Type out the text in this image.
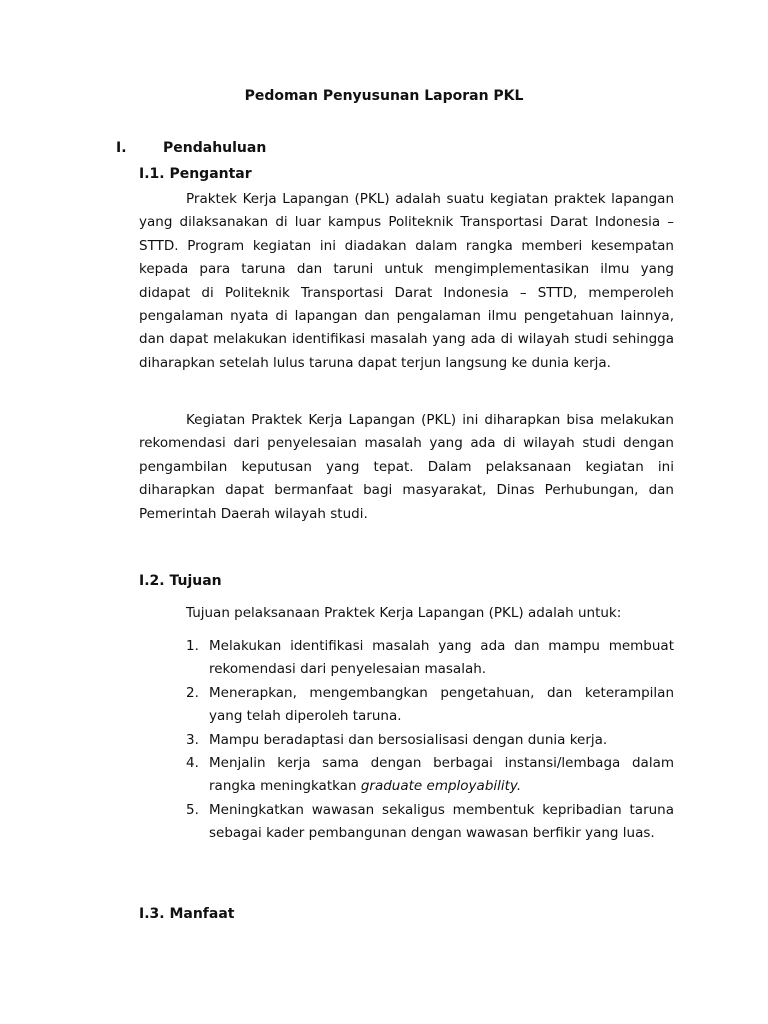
Pedoman Penyusunan Laporan PKL
I.	Pendahuluan
I.1. Pengantar

Praktek Kerja Lapangan (PKL) adalah suatu kegiatan praktek lapangan yang dilaksanakan di luar kampus Politeknik Transportasi Darat Indonesia – STTD. Program kegiatan ini diadakan dalam rangka memberi kesempatan kepada para taruna dan taruni untuk mengimplementasikan ilmu yang didapat di Politeknik Transportasi Darat Indonesia – STTD, memperoleh pengalaman nyata di lapangan dan pengalaman ilmu pengetahuan lainnya, dan dapat melakukan identifikasi masalah yang ada di wilayah studi sehingga diharapkan setelah lulus taruna dapat terjun langsung ke dunia kerja.

Kegiatan Praktek Kerja Lapangan (PKL) ini diharapkan bisa melakukan rekomendasi dari penyelesaian masalah yang ada di wilayah studi dengan pengambilan keputusan yang tepat. Dalam pelaksanaan kegiatan ini diharapkan dapat bermanfaat bagi masyarakat, Dinas Perhubungan, dan Pemerintah Daerah wilayah studi.

I.2. Tujuan
Tujuan pelaksanaan Praktek Kerja Lapangan (PKL) adalah untuk:
1. Melakukan identifikasi masalah yang ada dan mampu membuat rekomendasi dari penyelesaian masalah.
2. Menerapkan, mengembangkan pengetahuan, dan keterampilan yang telah diperoleh taruna.
3. Mampu beradaptasi dan bersosialisasi dengan dunia kerja.
4. Menjalin kerja sama dengan berbagai instansi/lembaga dalam rangka meningkatkan graduate employability.
5. Meningkatkan wawasan sekaligus membentuk kepribadian taruna sebagai kader pembangunan dengan wawasan berfikir yang luas.
I.3. Manfaat
